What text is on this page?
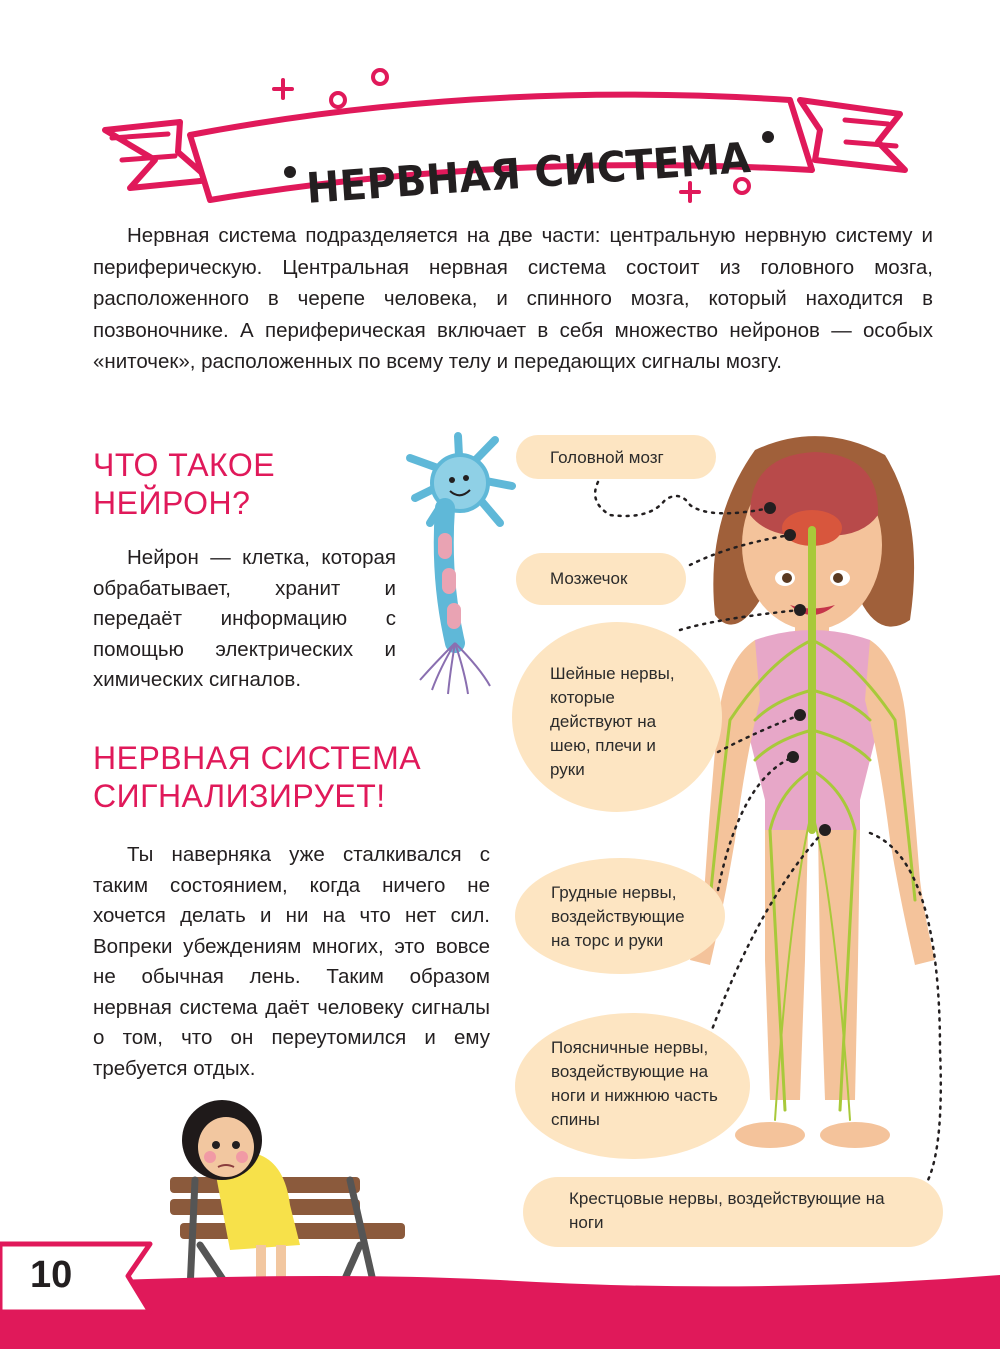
НЕРВНАЯ СИСТЕМА

Нервная система подразделяется на две части: центральную нервную систему и периферическую. Центральная нервная система состоит из головного мозга, расположенного в черепе человека, и спинного мозга, который находится в позвоночнике. А периферическая включает в себя множество нейронов — особых «ниточек», расположенных по всему телу и передающих сигналы мозгу.

ЧТО ТАКОЕ
НЕЙРОН?

Нейрон — клетка, которая обрабатывает, хранит и передаёт информацию с помощью электрических и химических сигналов.

НЕРВНАЯ СИСТЕМА
СИГНАЛИЗИРУЕТ!

Ты наверняка уже сталкивался с таким состоянием, когда ничего не хочется делать и ни на что нет сил. Вопреки убеждениям многих, это вовсе не обычная лень. Таким образом нервная система даёт человеку сигналы о том, что он переутомился и ему требуется отдых.

Головной мозг
Мозжечок
Шейные нервы, которые действуют на шею, плечи и руки
Грудные нервы, воздействующие на торс и руки
Поясничные нервы, воздействующие на ноги и нижнюю часть спины
Крестцовые нервы, воздействующие на ноги
10
